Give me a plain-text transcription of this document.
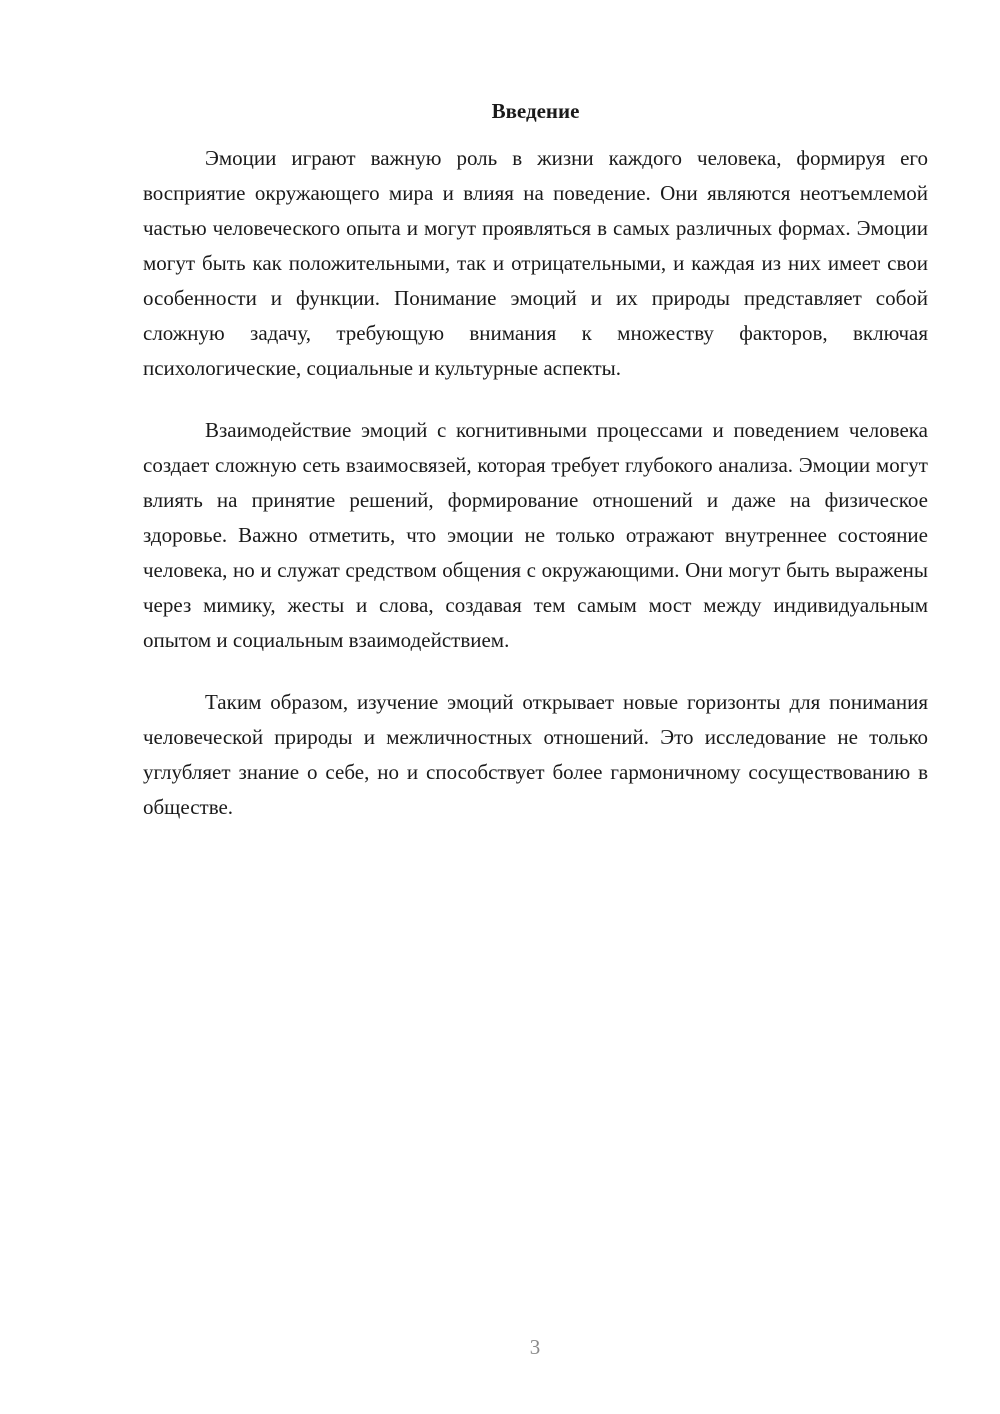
Введение

Эмоции играют важную роль в жизни каждого человека, формируя его восприятие окружающего мира и влияя на поведение. Они являются неотъемлемой частью человеческого опыта и могут проявляться в самых различных формах. Эмоции могут быть как положительными, так и отрицательными, и каждая из них имеет свои особенности и функции. Понимание эмоций и их природы представляет собой сложную задачу, требующую внимания к множеству факторов, включая психологические, социальные и культурные аспекты.

Взаимодействие эмоций с когнитивными процессами и поведением человека создает сложную сеть взаимосвязей, которая требует глубокого анализа. Эмоции могут влиять на принятие решений, формирование отношений и даже на физическое здоровье. Важно отметить, что эмоции не только отражают внутреннее состояние человека, но и служат средством общения с окружающими. Они могут быть выражены через мимику, жесты и слова, создавая тем самым мост между индивидуальным опытом и социальным взаимодействием.

Таким образом, изучение эмоций открывает новые горизонты для понимания человеческой природы и межличностных отношений. Это исследование не только углубляет знание о себе, но и способствует более гармоничному сосуществованию в обществе.

3
